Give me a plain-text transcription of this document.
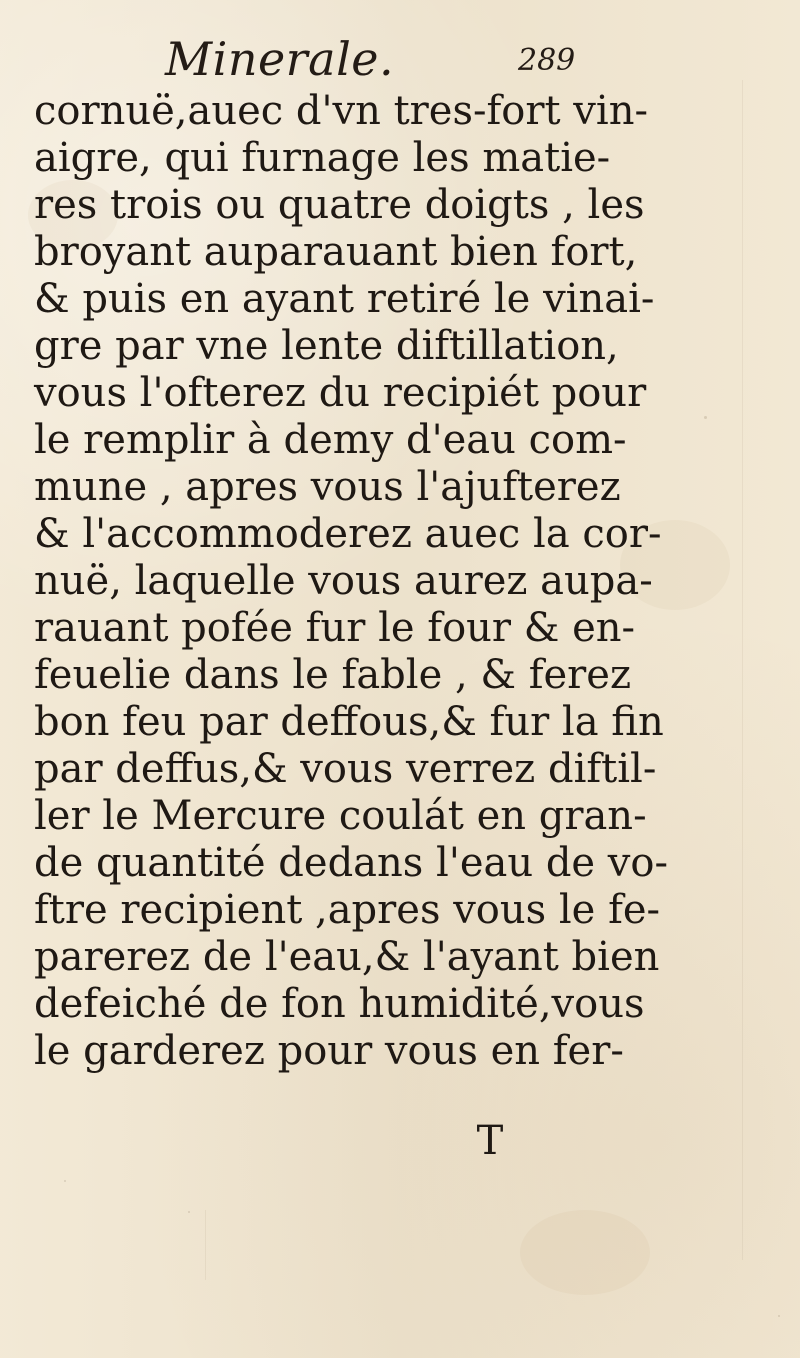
Minerale.	289
cornuë,auec d'vn tres-fort vin-
aigre, qui furnage les matie-
res trois ou quatre doigts , les
broyant auparauant bien fort,
& puis en ayant retiré le vinai-
gre par vne lente diftillation,
vous l'ofterez du recipiét pour
le remplir à demy d'eau com-
mune , apres vous l'ajufterez
& l'accommoderez auec la cor-
nuë, laquelle vous aurez aupa-
rauant pofée fur le four & en-
feuelie dans le fable , & ferez
bon feu par deffous,& fur la fin
par deffus,& vous verrez diftil-
ler le Mercure coulát en gran-
de quantité dedans l'eau de vo-
ftre recipient ,apres vous le fe-
parerez de l'eau,& l'ayant bien
defeiché de fon humidité,vous
le garderez pour vous en fer-
T
